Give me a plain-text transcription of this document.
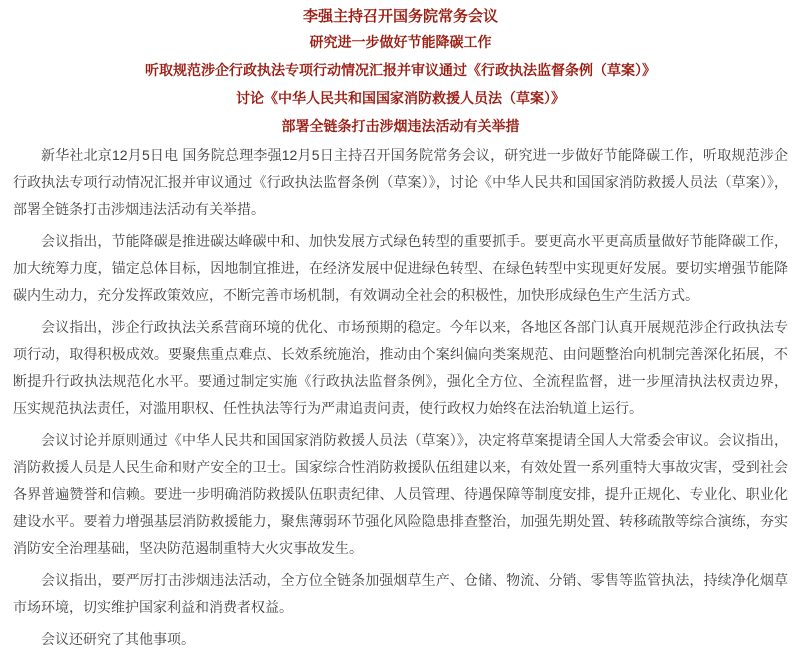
李强主持召开国务院常务会议
研究进一步做好节能降碳工作
听取规范涉企行政执法专项行动情况汇报并审议通过《行政执法监督条例（草案）》
讨论《中华人民共和国国家消防救援人员法（草案）》
部署全链条打击涉烟违法活动有关举措

新华社北京12月5日电 国务院总理李强12月5日主持召开国务院常务会议，研究进一步做好节能降碳工作，听取规范涉企行政执法专项行动情况汇报并审议通过《行政执法监督条例（草案）》，讨论《中华人民共和国国家消防救援人员法（草案）》，部署全链条打击涉烟违法活动有关举措。

会议指出，节能降碳是推进碳达峰碳中和、加快发展方式绿色转型的重要抓手。要更高水平更高质量做好节能降碳工作，加大统筹力度，锚定总体目标，因地制宜推进，在经济发展中促进绿色转型、在绿色转型中实现更好发展。要切实增强节能降碳内生动力，充分发挥政策效应，不断完善市场机制，有效调动全社会的积极性，加快形成绿色生产生活方式。

会议指出，涉企行政执法关系营商环境的优化、市场预期的稳定。今年以来，各地区各部门认真开展规范涉企行政执法专项行动，取得积极成效。要聚焦重点难点、长效系统施治，推动由个案纠偏向类案规范、由问题整治向机制完善深化拓展，不断提升行政执法规范化水平。要通过制定实施《行政执法监督条例》，强化全方位、全流程监督，进一步厘清执法权责边界，压实规范执法责任，对滥用职权、任性执法等行为严肃追责问责，使行政权力始终在法治轨道上运行。

会议讨论并原则通过《中华人民共和国国家消防救援人员法（草案）》，决定将草案提请全国人大常委会审议。会议指出，消防救援人员是人民生命和财产安全的卫士。国家综合性消防救援队伍组建以来，有效处置一系列重特大事故灾害，受到社会各界普遍赞誉和信赖。要进一步明确消防救援队伍职责纪律、人员管理、待遇保障等制度安排，提升正规化、专业化、职业化建设水平。要着力增强基层消防救援能力，聚焦薄弱环节强化风险隐患排查整治，加强先期处置、转移疏散等综合演练，夯实消防安全治理基础，坚决防范遏制重特大火灾事故发生。

会议指出，要严厉打击涉烟违法活动，全方位全链条加强烟草生产、仓储、物流、分销、零售等监管执法，持续净化烟草市场环境，切实维护国家利益和消费者权益。

会议还研究了其他事项。
